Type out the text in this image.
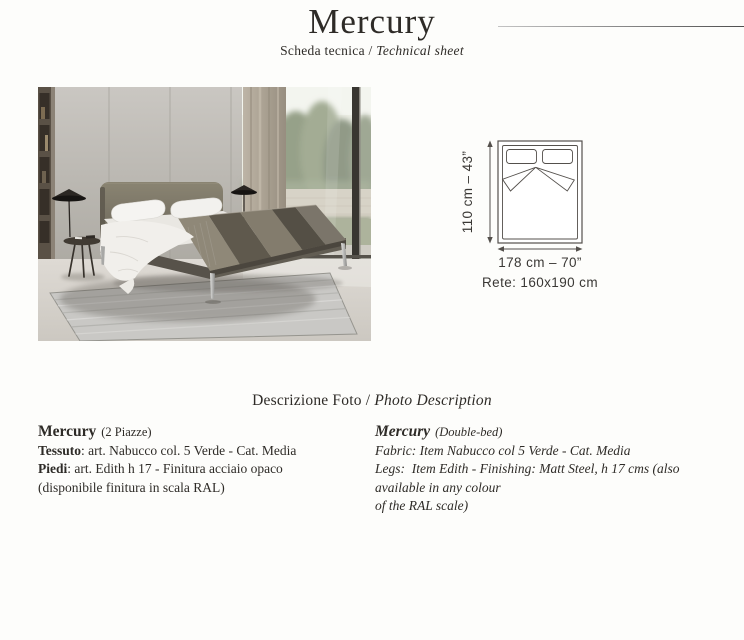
Mercury
Scheda tecnica / Technical sheet
110 cm – 43”
178 cm – 70”
Rete: 160x190 cm
Descrizione Foto / Photo Description

Mercury (2 Piazze)

Tessuto: art. Nabucco col. 5 Verde - Cat. Media

Piedi: art. Edith h 17 - Finitura acciaio opaco

(disponibile finitura in scala RAL)

Mercury (Double-bed)

Fabric: Item Nabucco col 5 Verde - Cat. Media

Legs:  Item Edith - Finishing: Matt Steel, h 17 cms (also available in any colour

of the RAL scale)
